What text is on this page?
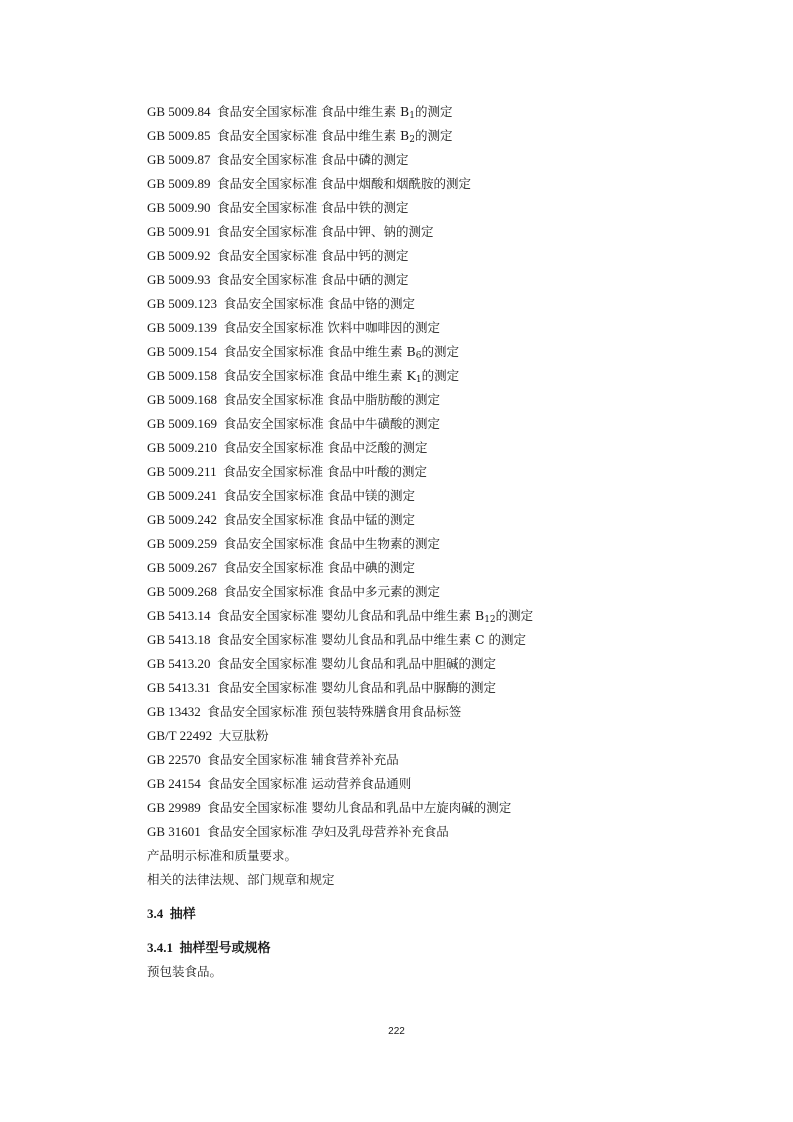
GB 5009.84 食品安全国家标准 食品中维生素 $B_1$的测定
GB 5009.85 食品安全国家标准 食品中维生素 $B_2$的测定
GB 5009.87 食品安全国家标准 食品中磷的测定
GB 5009.89 食品安全国家标准 食品中烟酸和烟酰胺的测定
GB 5009.90 食品安全国家标准 食品中铁的测定
GB 5009.91 食品安全国家标准 食品中钾、钠的测定
GB 5009.92 食品安全国家标准 食品中钙的测定
GB 5009.93 食品安全国家标准 食品中硒的测定
GB 5009.123 食品安全国家标准 食品中铬的测定
GB 5009.139 食品安全国家标准 饮料中咖啡因的测定
GB 5009.154 食品安全国家标准 食品中维生素 $B_6$的测定
GB 5009.158 食品安全国家标准 食品中维生素 $K_1$的测定
GB 5009.168 食品安全国家标准 食品中脂肪酸的测定
GB 5009.169 食品安全国家标准 食品中牛磺酸的测定
GB 5009.210 食品安全国家标准 食品中泛酸的测定
GB 5009.211 食品安全国家标准 食品中叶酸的测定
GB 5009.241 食品安全国家标准 食品中镁的测定
GB 5009.242 食品安全国家标准 食品中锰的测定
GB 5009.259 食品安全国家标准 食品中生物素的测定
GB 5009.267 食品安全国家标准 食品中碘的测定
GB 5009.268 食品安全国家标准 食品中多元素的测定
GB 5413.14 食品安全国家标准 婴幼儿食品和乳品中维生素 $B_{12}$的测定
GB 5413.18 食品安全国家标准 婴幼儿食品和乳品中维生素 C 的测定
GB 5413.20 食品安全国家标准 婴幼儿食品和乳品中胆碱的测定
GB 5413.31 食品安全国家标准 婴幼儿食品和乳品中脲酶的测定
GB 13432 食品安全国家标准 预包装特殊膳食用食品标签
GB/T 22492 大豆肽粉
GB 22570 食品安全国家标准 辅食营养补充品
GB 24154 食品安全国家标准 运动营养食品通则
GB 29989 食品安全国家标准 婴幼儿食品和乳品中左旋肉碱的测定
GB 31601 食品安全国家标准 孕妇及乳母营养补充食品

产品明示标准和质量要求。

相关的法律法规、部门规章和规定

3.4 抽样
3.4.1 抽样型号或规格

预包装食品。

222
